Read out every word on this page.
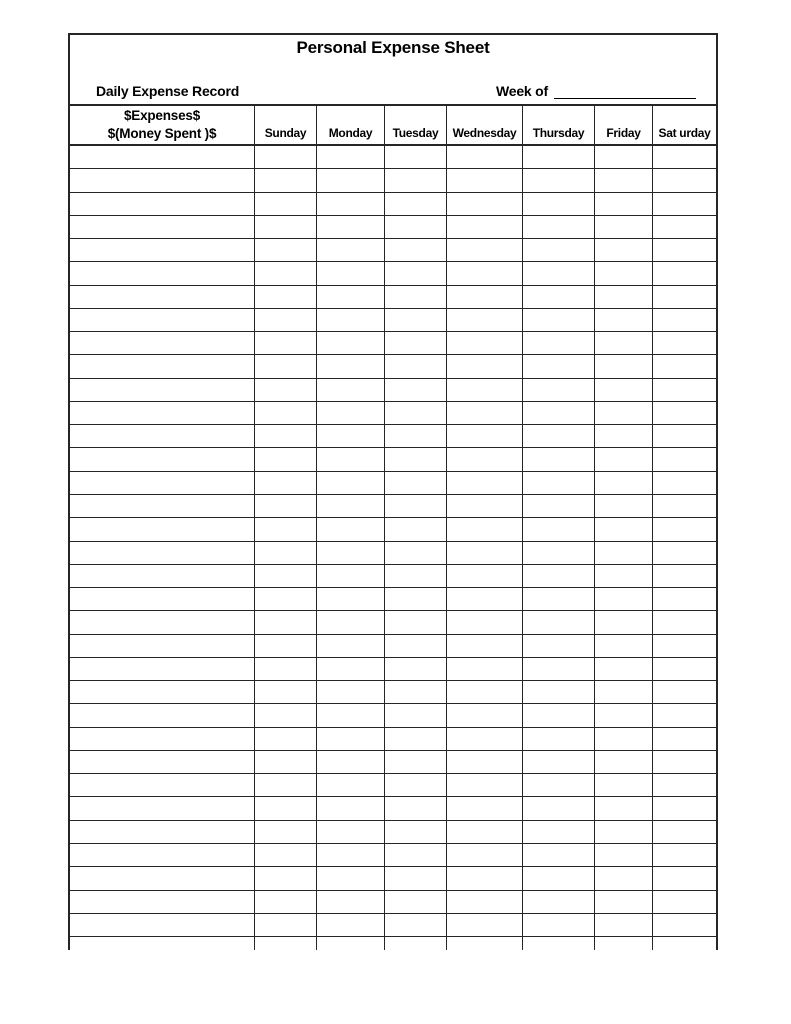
Personal Expense Sheet
Daily Expense Record	Week of
$Expenses$
$(Money Spent )$	Sunday	Monday	Tuesday	Wednesday	Thursday	Friday	Sat urday
